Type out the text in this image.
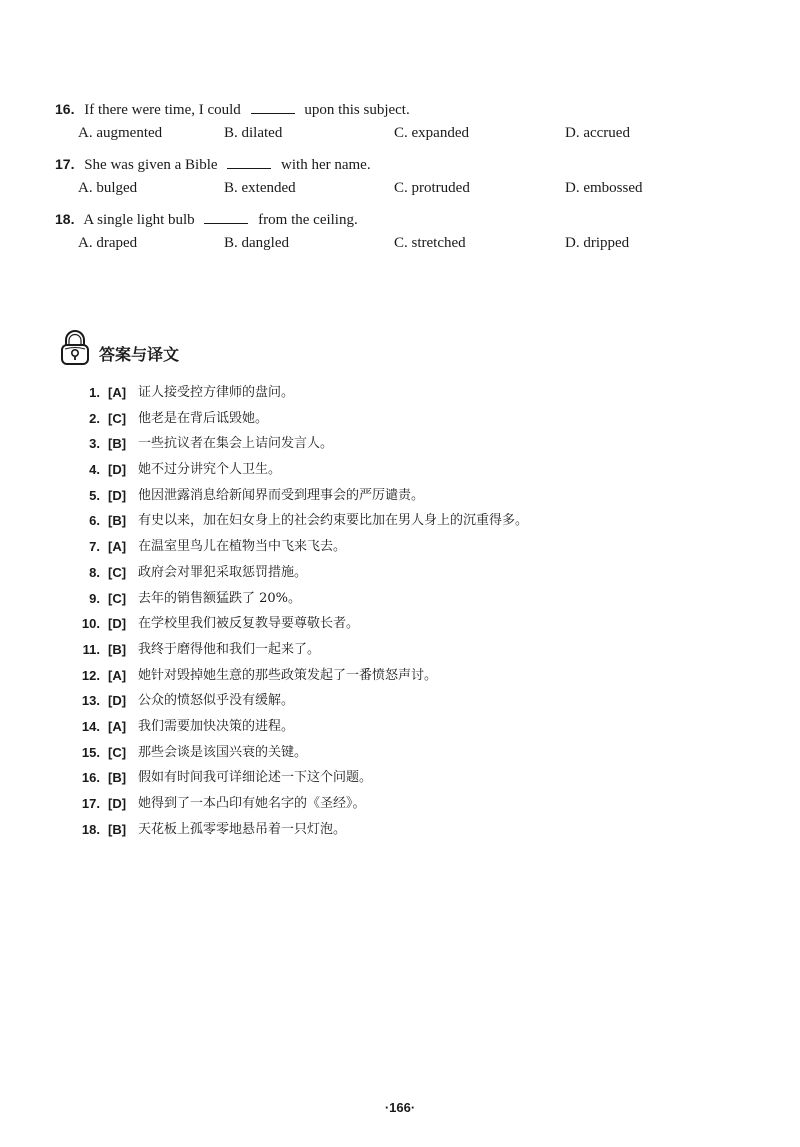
16. If there were time, I could	upon this subject.
A. augmented	B. dilated	C. expanded	D. accrued
17. She was given a Bible	with her name.
A. bulged	B. extended	C. protruded	D. embossed
18. A single light bulb	from the ceiling.
A. draped	B. dangled	C. stretched	D. dripped
答案与译文
1. [A] 证人接受控方律师的盘问。
2. [C] 他老是在背后诋毁她。
3. [B] 一些抗议者在集会上诘问发言人。
4. [D] 她不过分讲究个人卫生。
5. [D] 他因泄露消息给新闻界而受到理事会的严厉谴责。
6. [B] 有史以来，加在妇女身上的社会约束要比加在男人身上的沉重得多。
7. [A] 在温室里鸟儿在植物当中飞来飞去。
8. [C] 政府会对罪犯采取惩罚措施。
9. [C] 去年的销售额猛跌了 20%。
10. [D] 在学校里我们被反复教导要尊敬长者。
11. [B] 我终于磨得他和我们一起来了。
12. [A] 她针对毁掉她生意的那些政策发起了一番愤怒声讨。
13. [D] 公众的愤怒似乎没有缓解。
14. [A] 我们需要加快决策的进程。
15. [C] 那些会谈是该国兴衰的关键。
16. [B] 假如有时间我可详细论述一下这个问题。
17. [D] 她得到了一本凸印有她名字的《圣经》。
18. [B] 天花板上孤零零地悬吊着一只灯泡。
·166·
